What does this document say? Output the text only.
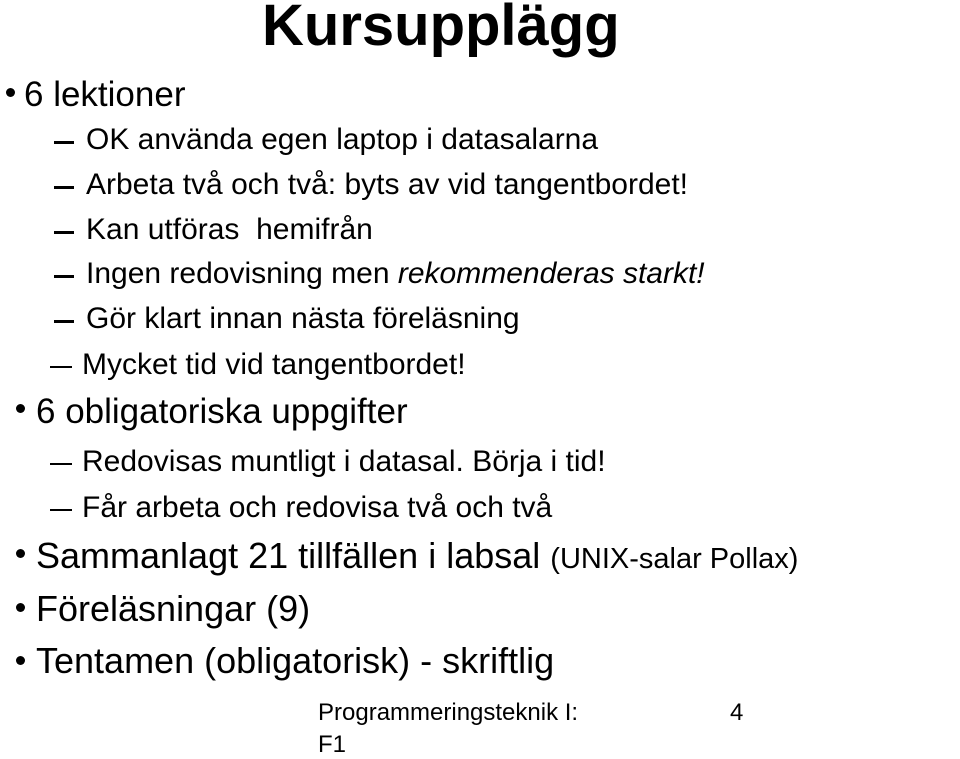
Kursupplägg
6 lektioner
OK använda egen laptop i datasalarna
Arbeta två och två: byts av vid tangentbordet!
Kan utföras  hemifrån
Ingen redovisning men rekommenderas starkt!
Gör klart innan nästa föreläsning
Mycket tid vid tangentbordet!
6 obligatoriska uppgifter
Redovisas muntligt i datasal. Börja i tid!
Får arbeta och redovisa två och två
Sammanlagt 21 tillfällen i labsal (UNIX-salar Pollax)
Föreläsningar (9)
Tentamen (obligatorisk) - skriftlig
Programmeringsteknik I:
F1
4
